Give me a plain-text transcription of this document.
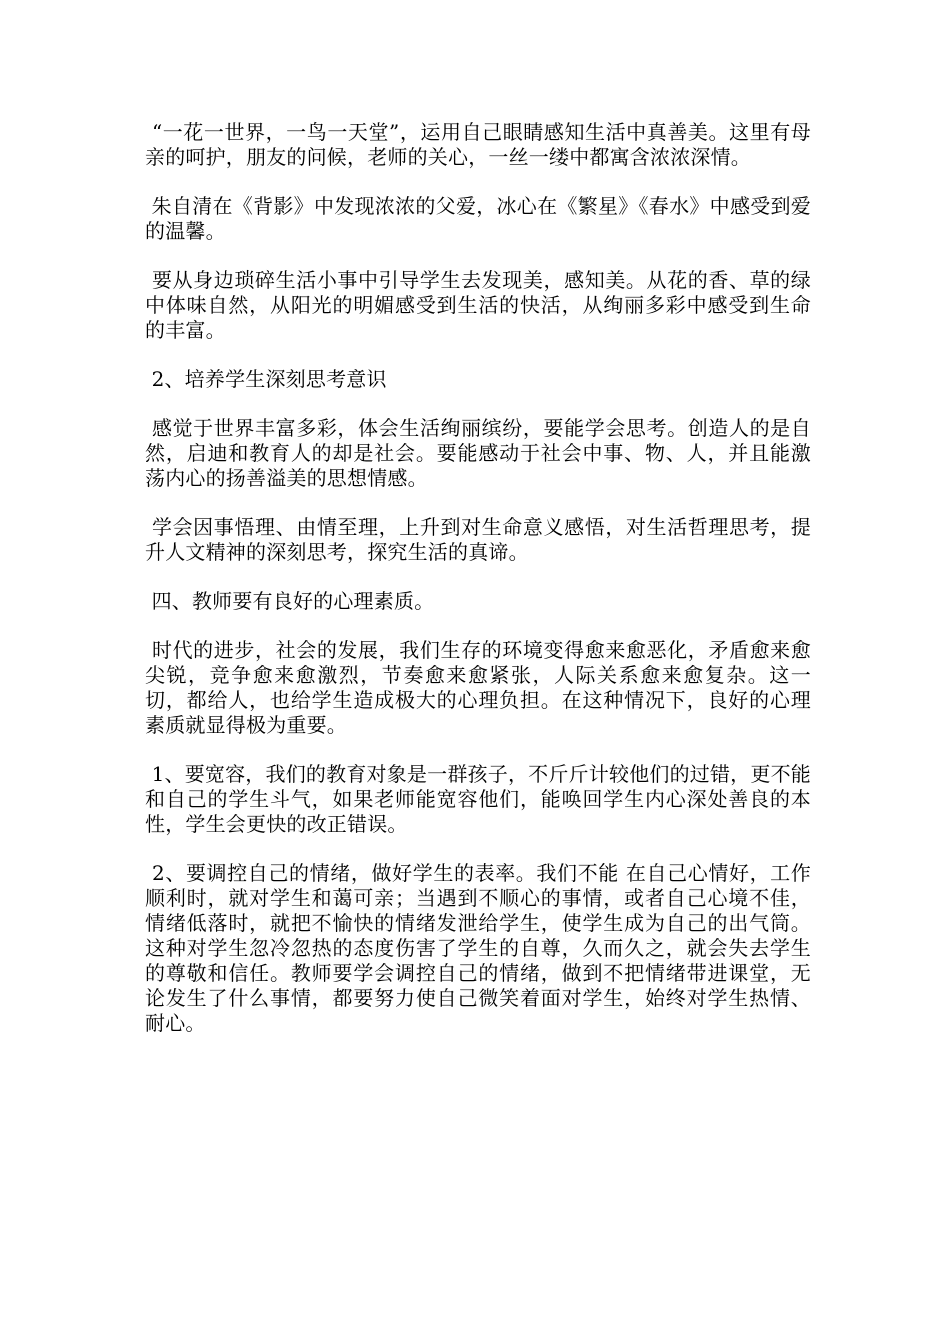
“一花一世界，一鸟一天堂”，运用自己眼睛感知生活中真善美。这里有母亲的呵护，朋友的问候，老师的关心，一丝一缕中都寓含浓浓深情。

朱自清在《背影》中发现浓浓的父爱，冰心在《繁星》《春水》中感受到爱的温馨。

要从身边琐碎生活小事中引导学生去发现美，感知美。从花的香、草的绿中体味自然，从阳光的明媚感受到生活的快活，从绚丽多彩中感受到生命的丰富。

2、培养学生深刻思考意识

感觉于世界丰富多彩，体会生活绚丽缤纷，要能学会思考。创造人的是自然，启迪和教育人的却是社会。要能感动于社会中事、物、人，并且能激荡内心的扬善溢美的思想情感。

学会因事悟理、由情至理，上升到对生命意义感悟，对生活哲理思考，提升人文精神的深刻思考，探究生活的真谛。

四、教师要有良好的心理素质。

时代的进步，社会的发展，我们生存的环境变得愈来愈恶化，矛盾愈来愈尖锐，竞争愈来愈激烈，节奏愈来愈紧张，人际关系愈来愈复杂。这一切，都给人，也给学生造成极大的心理负担。在这种情况下，良好的心理素质就显得极为重要。

1、要宽容，我们的教育对象是一群孩子，不斤斤计较他们的过错，更不能和自己的学生斗气，如果老师能宽容他们，能唤回学生内心深处善良的本性，学生会更快的改正错误。

2、要调控自己的情绪，做好学生的表率。我们不能 在自己心情好，工作顺利时，就对学生和蔼可亲；当遇到不顺心的事情，或者自己心境不佳，情绪低落时，就把不愉快的情绪发泄给学生，使学生成为自己的出气筒。这种对学生忽冷忽热的态度伤害了学生的自尊，久而久之，就会失去学生的尊敬和信任。教师要学会调控自己的情绪，做到不把情绪带进课堂，无论发生了什么事情，都要努力使自己微笑着面对学生，始终对学生热情、耐心。
